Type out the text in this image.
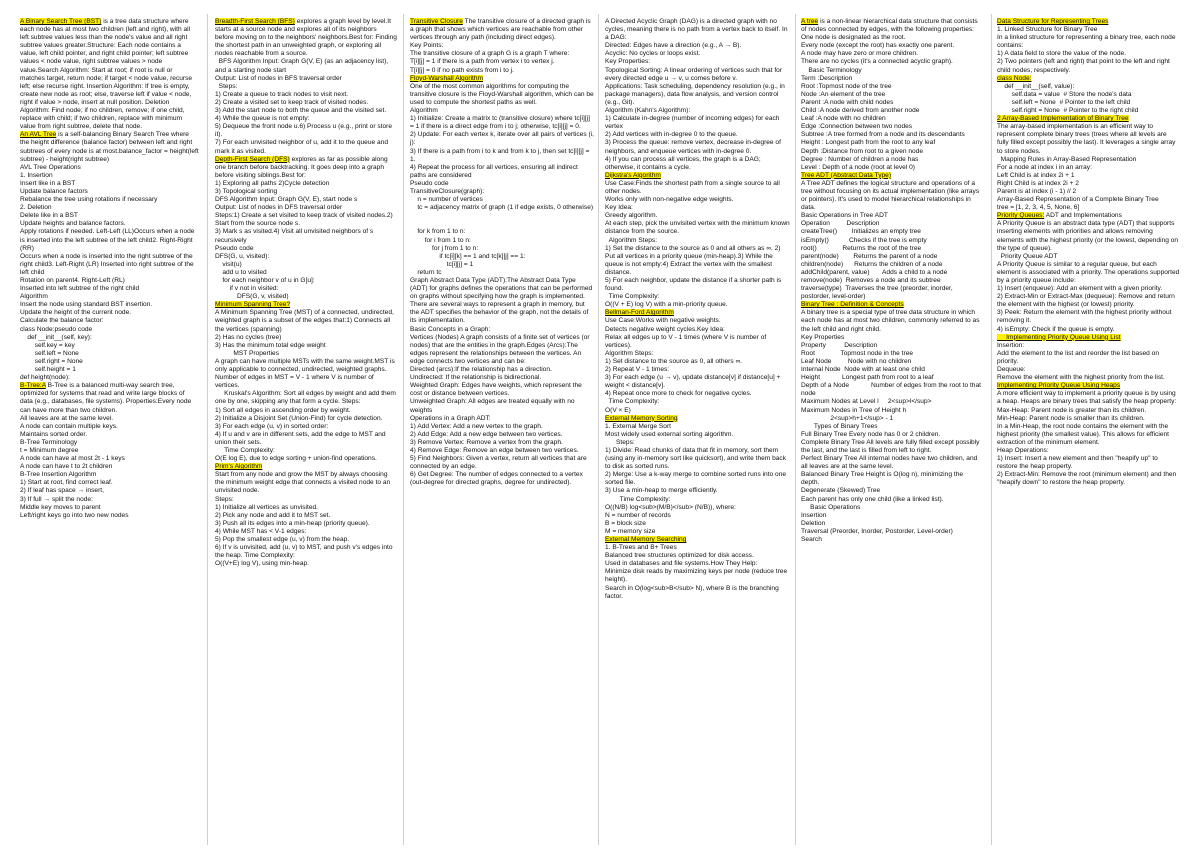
A Binary Search Tree (BST) is a tree data structure where each node has at most two children (left and right), with all left subtree values less than the node's value and all right subtree values greater.Structure: Each node contains a value, left child pointer, and right child pointer; left subtree values < node value, right subtree values > node value.Search Algorithm: Start at root; if root is null or matches target, return node; if target < node value, recurse left; else recurse right. Insertion Algorithm: If tree is empty, create new node as root; else, traverse left if value < node, right if value > node, insert at null position. Deletion Algorithm: Find node; if no children, remove; if one child, replace with child; if two children, replace with minimum value from right subtree, delete that node.

An AVL Tree is a self-balancing Binary Search Tree where the height difference (balance factor) between left and right subtrees of every node is at most.balance_factor = height(left subtree) - height(right subtree)
AVL Tree Operations
1. Insertion
Insert like in a BST
Update balance factors
Rebalance the tree using rotations if necessary
2. Deletion
Delete like in a BST
Update heights and balance factors.
Apply rotations if needed. Left-Left (LL)Occurs when a node is inserted into the left subtree of the left child2. Right-Right (RR)
Occurs when a node is inserted into the right subtree of the right child3. Left-Right (LR) Inserted into right subtree of the left child
Rotation on parent4. Right-Left (RL)
Inserted into left subtree of the right child
Algorithm
Insert the node using standard BST insertion.
Update the height of the current node.
Calculate the balance factor:
class Node:pseudo code
def __init__(self, key):
self.key = key
self.left = None
self.right = None
self.height = 1
def height(node):

B-Tree:A B-Tree is a balanced multi-way search tree, optimized for systems that read and write large blocks of data (e.g., databases, file systems). Properties:Every node can have more than two children.
All leaves are at the same level.
A node can contain multiple keys.
Maintains sorted order.
B-Tree Terminology
t = Minimum degree
A node can have at most 2t - 1 keys
A node can have t to 2t children
B-Tree Insertion Algorithm
1) Start at root, find correct leaf.
2) If leaf has space → insert,
3) If full → split the node:
Middle key moves to parent
Left/right keys go into two new nodes

Breadth-First Search (BFS) explores a graph level by level.It starts at a source node and explores all of its neighbors before moving on to the neighbors' neighbors.Best for: Finding the shortest path in an unweighted graph, or exploring all nodes reachable from a source.
BFS Algorithm Input: Graph G(V, E) (as an adjacency list), and a starting node start
Output: List of nodes in BFS traversal order
Steps:
1) Create a queue to track nodes to visit next.
2) Create a visited set to keep track of visited nodes.
3) Add the start node to both the queue and the visited set.
4) While the queue is not empty:
5) Dequeue the front node u.6) Process u (e.g., print or store it).
7) For each unvisited neighbor of u, add it to the queue and mark it as visited.

Depth-First Search (DFS) explores as far as possible along one branch before backtracking. It goes deep into a graph before visiting siblings.Best for:
1) Exploring all paths 2)Cycle detection
3) Topological sorting
DFS Algorithm Input: Graph G(V, E), start node s
Output: List of nodes in DFS traversal order
Steps:1) Create a set visited to keep track of visited nodes.2) Start from the source node s.
3) Mark s as visited.4) Visit all unvisited neighbors of s recursively
Pseudo code
DFS(G, u, visited):
visit(u)
add u to visited
for each neighbor v of u in G[u]:
if v not in visited:
DFS(G, v, visited)

Minimum Spanning Tree?
A Minimum Spanning Tree (MST) of a connected, undirected, weighted graph is a subset of the edges that:1) Connects all the vertices (spanning)
2) Has no cycles (tree)
3) Has the minimum total edge weight
MST Properties
A graph can have multiple MSTs with the same weight.MST is only applicable to connected, undirected, weighted graphs.
Number of edges in MST = V - 1 where V is number of vertices.
Kruskal's Algorithm: Sort all edges by weight and add them one by one, skipping any that form a cycle. Steps:
1) Sort all edges in ascending order by weight.
2) Initialize a Disjoint Set (Union-Find) for cycle detection.
3) For each edge (u, v) in sorted order:
4) If u and v are in different sets, add the edge to MST and union their sets.
Time Complexity:
O(E log E), due to edge sorting + union-find operations.

Prim's Algorithm
Start from any node and grow the MST by always choosing the minimum weight edge that connects a visited node to an unvisited node.
Steps:
1) Initialize all vertices as unvisited.
2) Pick any node and add it to MST set.
3) Push all its edges into a min-heap (priority queue).
4) While MST has < V-1 edges:
5) Pop the smallest edge (u, v) from the heap.
6) If v is unvisited, add (u, v) to MST, and push v's edges into the heap. Time Complexity:
O((V+E) log V), using min-heap.

Transitive Closure The transitive closure of a directed graph is a graph that shows which vertices are reachable from other vertices through any path (including direct edges).
Key Points:
The transitive closure of a graph G is a graph T where:
T[i][j] = 1 if there is a path from vertex i to vertex j.
T[i][j] = 0 if no path exists from i to j.

Floyd-Warshall Algorithm
One of the most common algorithms for computing the transitive closure is the Floyd-Warshall algorithm, which can be used to compute the shortest paths as well.
Algorithm
1) Initialize: Create a matrix tc (transitive closure) where tc[i][j] = 1 if there is a direct edge from i to j; otherwise, tc[i][j] = 0.
2) Update: For each vertex k, iterate over all pairs of vertices (i, j):
3) If there is a path from i to k and from k to j, then set tc[i][j] = 1.
4) Repeat the process for all vertices, ensuring all indirect paths are considered
Pseudo code
TransitiveClosure(graph):
n = number of vertices
tc = adjacency matrix of graph (1 if edge exists, 0 otherwise)

for k from 1 to n:
for i from 1 to n:
for j from 1 to n:
if tc[i][k] == 1 and tc[k][j] == 1:
tc[i][j] = 1
return tc
Graph Abstract Data Type (ADT):The Abstract Data Type (ADT) for graphs defines the operations that can be performed on graphs without specifying how the graph is implemented. There are several ways to represent a graph in memory, but the ADT specifies the behavior of the graph, not the details of its implementation.
Basic Concepts in a Graph:
Vertices (Nodes) A graph consists of a finite set of vertices (or nodes) that are the entities in the graph.Edges (Arcs):The edges represent the relationships between the vertices. An edge connects two vertices and can be:
Directed (arcs):If the relationship has a direction.
Undirected: If the relationship is bidirectional.
Weighted Graph: Edges have weights, which represent the cost or distance between vertices.
Unweighted Graph: All edges are treated equally with no weights
Operations in a Graph ADT:
1) Add Vertex: Add a new vertex to the graph.
2) Add Edge: Add a new edge between two vertices.
3) Remove Vertex: Remove a vertex from the graph.
4) Remove Edge: Remove an edge between two vertices.
5) Find Neighbors: Given a vertex, return all vertices that are connected by an edge.
6) Get Degree: The number of edges connected to a vertex (out-degree for directed graphs, degree for undirected).

A Directed Acyclic Graph (DAG) is a directed graph with no cycles, meaning there is no path from a vertex back to itself. In a DAG:
Directed: Edges have a direction (e.g., A → B).
Acyclic: No cycles or loops exist.
Key Properties:
Topological Sorting: A linear ordering of vertices such that for every directed edge u → v, u comes before v.
Applications: Task scheduling, dependency resolution (e.g., in package managers), data flow analysis, and version control (e.g., Git).
Algorithm (Kahn's Algorithm):
1) Calculate in-degree (number of incoming edges) for each vertex
2) Add vertices with in-degree 0 to the queue.
3) Process the queue: remove vertex, decrease in-degree of neighbors, and enqueue vertices with in-degree 0.
4) If you can process all vertices, the graph is a DAG; otherwise, it contains a cycle.

Dijkstra's Algorithm
Use Case:Finds the shortest path from a single source to all other nodes.
Works only with non-negative edge weights.
Key Idea:
Greedy algorithm.
At each step, pick the unvisited vertex with the minimum known distance from the source.
Algorithm Steps:
1) Set the distance to the source as 0 and all others as ∞. 2) Put all vertices in a priority queue (min-heap).3) While the queue is not empty:4) Extract the vertex with the smallest distance.
5) For each neighbor, update the distance if a shorter path is found.
Time Complexity:
O((V + E) log V) with a min-priority queue.

Bellman-Ford Algorithm
Use Case:Works with negative weights.
Detects negative weight cycles.Key Idea:
Relax all edges up to V - 1 times (where V is number of vertices).
Algorithm Steps:
1) Set distance to the source as 0, all others ∞.
2) Repeat V - 1 times:
3) For each edge (u → v), update distance[v] if distance[u] + weight < distance[v].
4) Repeat once more to check for negative cycles.
Time Complexity:
O(V × E)

External Memory Sorting
1. External Merge Sort
Most widely used external sorting algorithm.
Steps:
1) Divide: Read chunks of data that fit in memory, sort them (using any in-memory sort like quicksort), and write them back to disk as sorted runs.
2) Merge: Use a k-way merge to combine sorted runs into one sorted file.
3) Use a min-heap to merge efficiently.
Time Complexity:
O((N/B) log<sub>(M/B)</sub> (N/B)), where:
N = number of records
B = block size
M = memory size

External Memory Searching
1. B-Trees and B+ Trees
Balanced tree structures optimized for disk access.
Used in databases and file systems.How They Help:
Minimize disk reads by maximizing keys per node (reduce tree height).
Search in O(log<sub>B</sub> N), where B is the branching factor.

A tree is a non-linear hierarchical data structure that consists of nodes connected by edges, with the following properties:
One node is designated as the root.
Every node (except the root) has exactly one parent.
A node may have zero or more children.
There are no cycles (it's a connected acyclic graph).
Basic Terminology
Term :Description
Root :Topmost node of the tree
Node :An element of the tree
Parent :A node with child nodes
Child :A node derived from another node
Leaf :A node with no children
Edge :Connection between two nodes
Subtree :A tree formed from a node and its descendants
Height : Longest path from the root to any leaf
Depth :Distance from root to a given node
Degree : Number of children a node has
Level : Depth of a node (root at level 0)

Tree ADT (Abstract Data Type)
A Tree ADT defines the logical structure and operations of a tree without focusing on its actual implementation (like arrays or pointers). It's used to model hierarchical relationships in data.
Basic Operations in Tree ADT
Operation         Description
createTree()        Initializes an empty tree
isEmpty()           Checks if the tree is empty
root()              Returns the root of the tree
parent(node)        Returns the parent of a node
children(node)      Returns the children of a node
addChild(parent, value)       Adds a child to a node
remove(node)  Removes a node and its subtree
traverse(type)  Traverses the tree (preorder, inorder, postorder, level-order)

Binary Tree : Definition & Concepts
A binary tree is a special type of tree data structure in which each node has at most two children, commonly referred to as the left child and right child.
Key Properties
Property          Description
Root              Topmost node in the tree
Leaf Node         Node with no children
Internal Node  Node with at least one child
Height            Longest path from root to a leaf
Depth of a Node            Number of edges from the root to that node
Maximum Nodes at Level l     2<sup>l</sup>
Maximum Nodes in Tree of Height h
2<sup>h+1</sup> - 1
Types of Binary Trees
Full Binary Tree Every node has 0 or 2 children.
Complete Binary Tree All levels are fully filled except possibly the last, and the last is filled from left to right.
Perfect Binary Tree All internal nodes have two children, and all leaves are at the same level.
Balanced Binary Tree Height is O(log n), minimizing the depth.
Degenerate (Skewed) Tree
Each parent has only one child (like a linked list).
Basic Operations
Insertion
Deletion
Traversal (Preorder, Inorder, Postorder, Level-order)
Search

Data Structure for Representing Trees
1. Linked Structure for Binary Tree
In a linked structure for representing a binary tree, each node contains:
1) A data field to store the value of the node.
2) Two pointers (left and right) that point to the left and right child nodes, respectively.

class Node:
def __init__(self, value):
self.data = value  # Store the node's data
self.left = None  # Pointer to the left child
self.right = None  # Pointer to the right child

2 Array-Based Implementation of Binary Tree
The array-based implementation is an efficient way to represent complete binary trees (trees where all levels are fully filled except possibly the last). It leverages a single array to store nodes.
Mapping Rules in Array-Based Representation
For a node at index i in an array:
Left Child is at index 2i + 1
Right Child is at index 2i + 2
Parent is at index (i - 1) // 2
Array-Based Representation of a Complete Binary Tree
tree = [1, 2, 3, 4, 5, None, 6]

Priority Queues: ADT and Implementations
A Priority Queue is an abstract data type (ADT) that supports inserting elements with priorities and allows removing elements with the highest priority (or the lowest, depending on the type of queue).
Priority Queue ADT
A Priority Queue is similar to a regular queue, but each element is associated with a priority. The operations supported by a priority queue include:
1) Insert (enqueue): Add an element with a given priority.
2) Extract-Min or Extract-Max (dequeue): Remove and return the element with the highest (or lowest) priority.
3) Peek: Return the element with the highest priority without removing it.
4) isEmpty: Check if the queue is empty.

Implementing Priority Queue Using List
Insertion:
Add the element to the list and reorder the list based on priority.
Dequeue:
Remove the element with the highest priority from the list.

Implementing Priority Queue Using Heaps
A more efficient way to implement a priority queue is by using a heap. Heaps are binary trees that satisfy the heap property:
Max-Heap: Parent node is greater than its children.
Min-Heap: Parent node is smaller than its children.
In a Min-Heap, the root node contains the element with the highest priority (the smallest value). This allows for efficient extraction of the minimum element.
Heap Operations:
1) Insert: Insert a new element and then "heapify up" to restore the heap property.
2) Extract-Min: Remove the root (minimum element) and then "heapify down" to restore the heap property.
